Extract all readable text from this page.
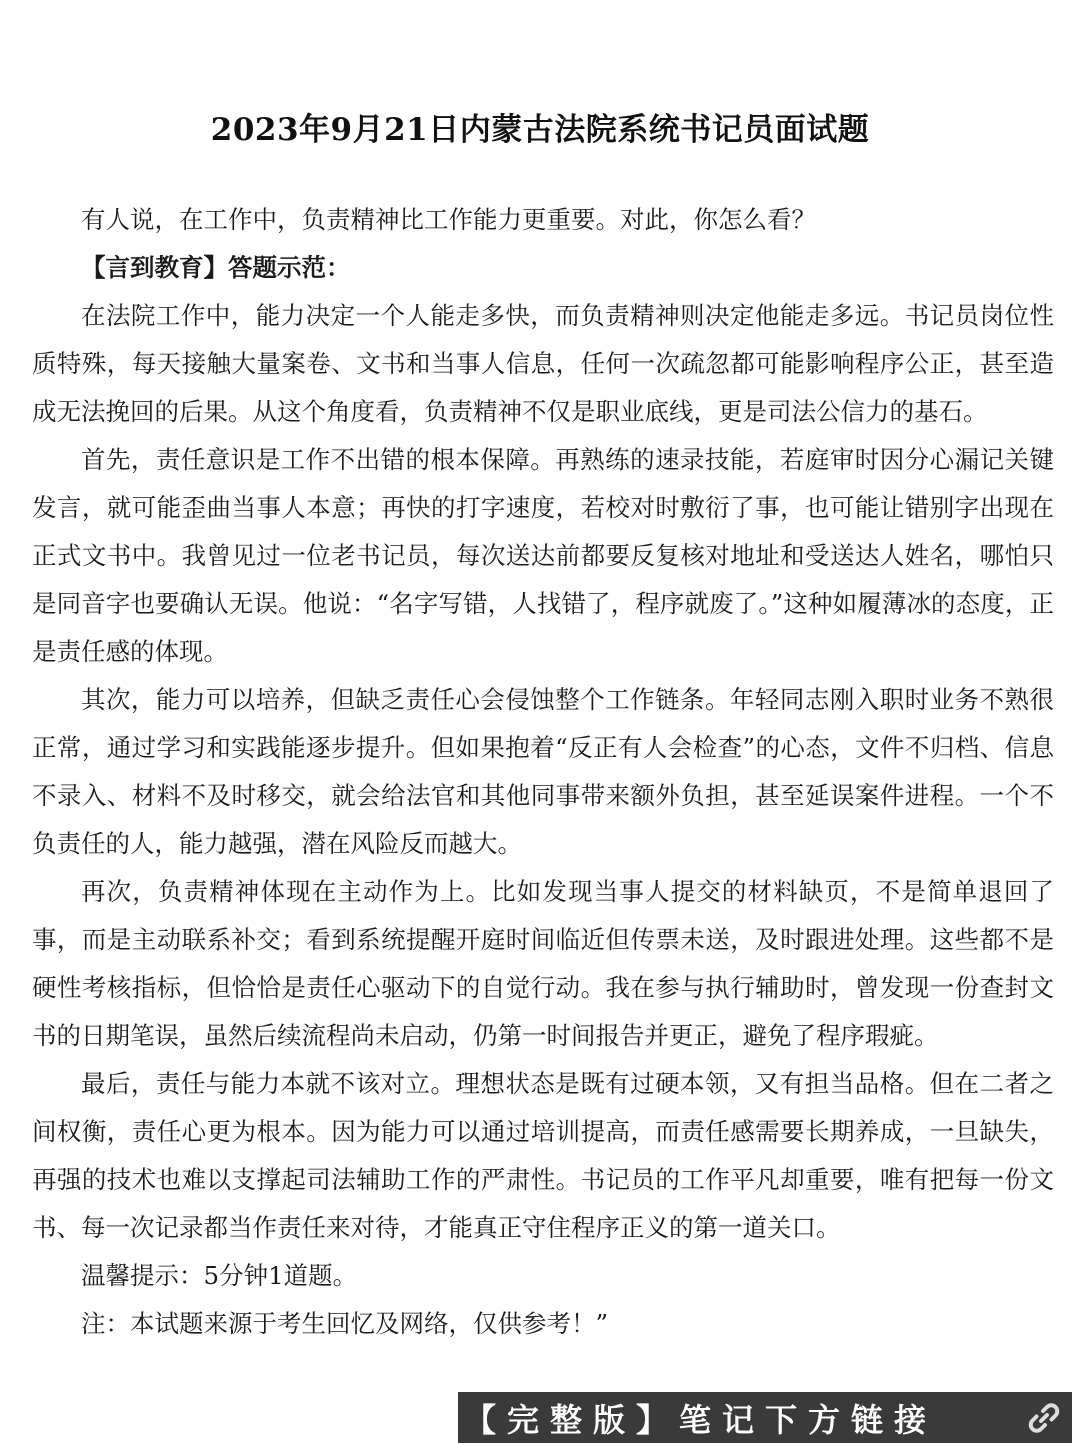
2023年9月21日内蒙古法院系统书记员面试题

有人说，在工作中，负责精神比工作能力更重要。对此，你怎么看？

【言到教育】答题示范：

在法院工作中，能力决定一个人能走多快，而负责精神则决定他能走多远。书记员岗位性质特殊，每天接触大量案卷、文书和当事人信息，任何一次疏忽都可能影响程序公正，甚至造成无法挽回的后果。从这个角度看，负责精神不仅是职业底线，更是司法公信力的基石。

首先，责任意识是工作不出错的根本保障。再熟练的速录技能，若庭审时因分心漏记关键发言，就可能歪曲当事人本意；再快的打字速度，若校对时敷衍了事，也可能让错别字出现在正式文书中。我曾见过一位老书记员，每次送达前都要反复核对地址和受送达人姓名，哪怕只是同音字也要确认无误。他说：“名字写错，人找错了，程序就废了。”这种如履薄冰的态度，正是责任感的体现。

其次，能力可以培养，但缺乏责任心会侵蚀整个工作链条。年轻同志刚入职时业务不熟很正常，通过学习和实践能逐步提升。但如果抱着“反正有人会检查”的心态，文件不归档、信息不录入、材料不及时移交，就会给法官和其他同事带来额外负担，甚至延误案件进程。一个不负责任的人，能力越强，潜在风险反而越大。

再次，负责精神体现在主动作为上。比如发现当事人提交的材料缺页，不是简单退回了事，而是主动联系补交；看到系统提醒开庭时间临近但传票未送，及时跟进处理。这些都不是硬性考核指标，但恰恰是责任心驱动下的自觉行动。我在参与执行辅助时，曾发现一份查封文书的日期笔误，虽然后续流程尚未启动，仍第一时间报告并更正，避免了程序瑕疵。

最后，责任与能力本就不该对立。理想状态是既有过硬本领，又有担当品格。但在二者之间权衡，责任心更为根本。因为能力可以通过培训提高，而责任感需要长期养成，一旦缺失，再强的技术也难以支撑起司法辅助工作的严肃性。书记员的工作平凡却重要，唯有把每一份文书、每一次记录都当作责任来对待，才能真正守住程序正义的第一道关口。

温馨提示：5分钟1道题。

注：本试题来源于考生回忆及网络，仅供参考！”

【完整版】笔记下方链接
